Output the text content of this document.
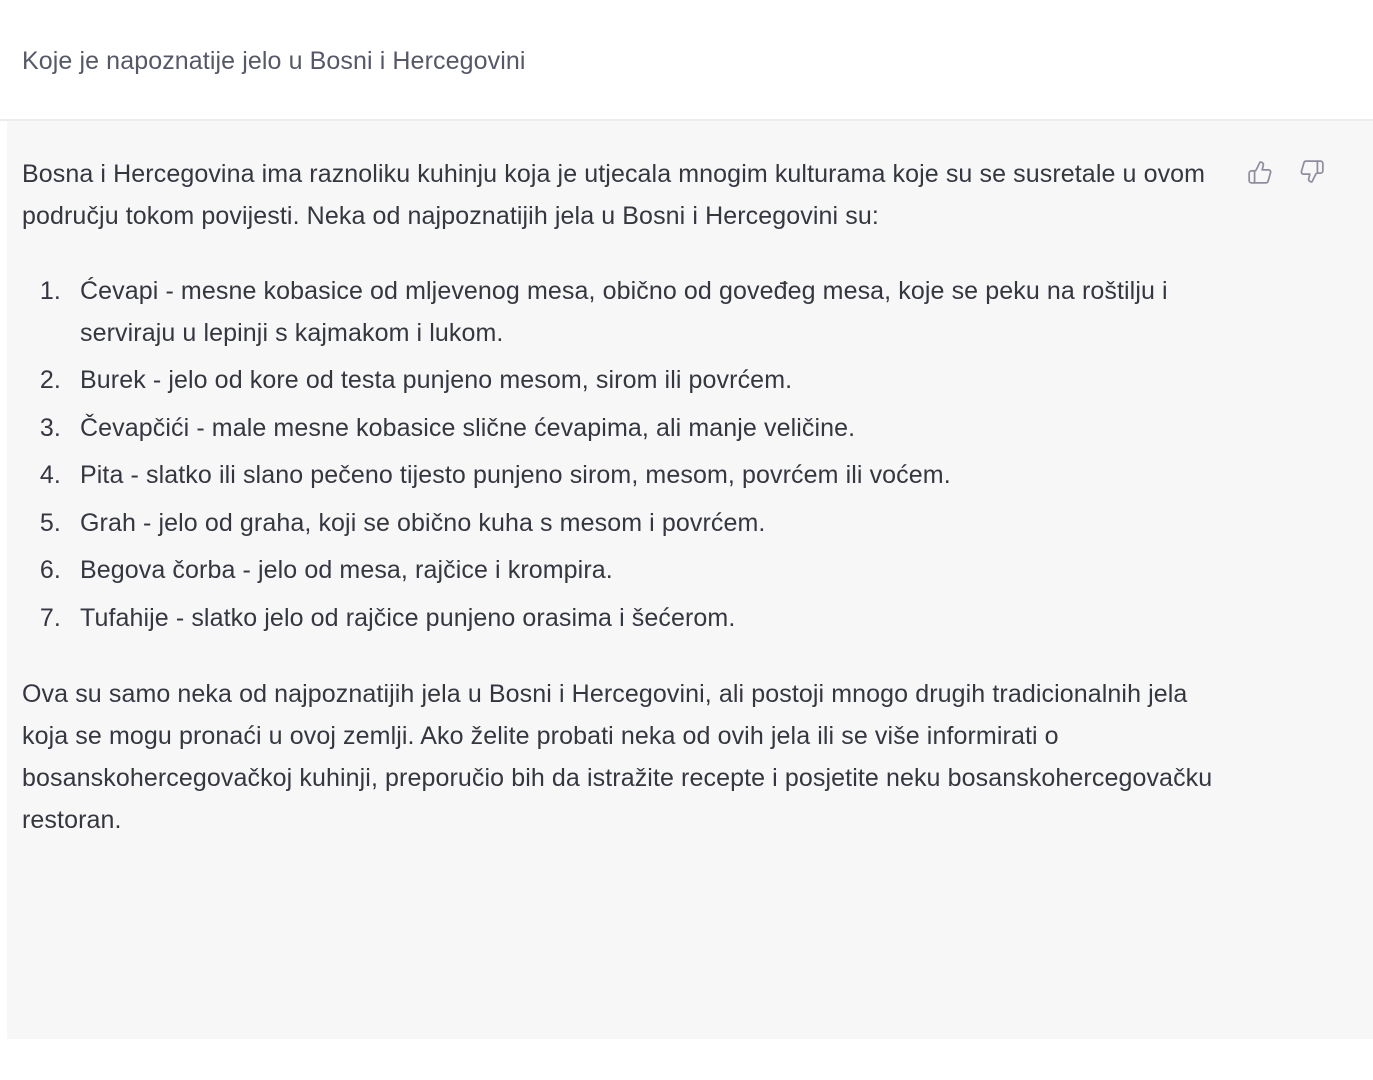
Koje je napoznatije jelo u Bosni i Hercegovini

Bosna i Hercegovina ima raznoliku kuhinju koja je utjecala mnogim kulturama koje su se susretale u ovom području tokom povijesti. Neka od najpoznatijih jela u Bosni i Hercegovini su:

1. Ćevapi - mesne kobasice od mljevenog mesa, obično od goveđeg mesa, koje se peku na roštilju i serviraju u lepinji s kajmakom i lukom.
2. Burek - jelo od kore od testa punjeno mesom, sirom ili povrćem.
3. Čevapčići - male mesne kobasice slične ćevapima, ali manje veličine.
4. Pita - slatko ili slano pečeno tijesto punjeno sirom, mesom, povrćem ili voćem.
5. Grah - jelo od graha, koji se obično kuha s mesom i povrćem.
6. Begova čorba - jelo od mesa, rajčice i krompira.
7. Tufahije - slatko jelo od rajčice punjeno orasima i šećerom.

Ova su samo neka od najpoznatijih jela u Bosni i Hercegovini, ali postoji mnogo drugih tradicionalnih jela koja se mogu pronaći u ovoj zemlji. Ako želite probati neka od ovih jela ili se više informirati o bosanskohercegovačkoj kuhinji, preporučio bih da istražite recepte i posjetite neku bosanskohercegovačku restoran.
